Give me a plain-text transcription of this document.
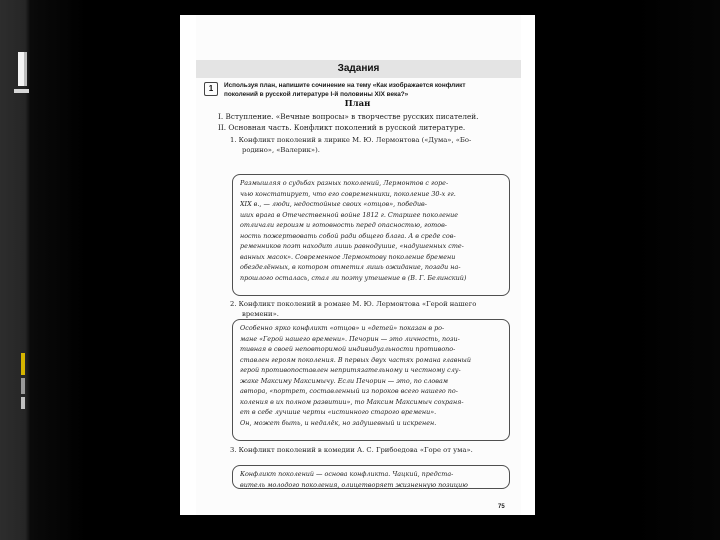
Задания
1	Используя план, напишите сочинение на тему «Как изображается конфликт
поколений в русской литературе I-й половины XIX века?»
План
I. Вступление. «Вечные вопросы» в творчестве русских писателей.
II. Основная часть. Конфликт поколений в русской литературе.
1. Конфликт поколений в лирике М. Ю. Лермонтова («Дума», «Бо-
родино», «Валерик»).
Размышляя о судьбах разных поколений, Лермонтов с горе-
чью констатирует, что его современники, поколение 30-х гг.
XIX в., — люди, недостойные своих «отцов», победив-
ших врага в Отечественной войне 1812 г. Старшее поколение
отличали героизм и готовность перед опасностью, готов-
ность пожертвовать собой ради общего блага. А в среде сов-
ременников поэт находит лишь равнодушие, «надушенных сте-
ванных масок». Современное Лермонтову поколение бремени
обезделённых, в котором отметил лишь ожидание, позади на-
прошлого осталась, стал ли поэту утешение в (В. Г. Белинский)
2. Конфликт поколений в романе М. Ю. Лермонтова «Герой нашего
времени».
Особенно ярко конфликт «отцов» и «детей» показан в ро-
мане «Герой нашего времени». Печорин — это личность, пози-
тивная в своей неповторимой индивидуальности противопо-
ставлен героям поколения. В первых двух частях романа главный
герой противопоставлен непритязательному и честному слу-
жаке Максиму Максимычу. Если Печорин — это, по словам
автора, «портрет, составленный из пороков всего нашего по-
коления в их полном развитии», то Максим Максимыч сохраня-
ет в себе лучшие черты «истинного старого времени».
Он, может быть, и недалёк, но задушевный и искренен.
3. Конфликт поколений в комедии А. С. Грибоедова «Горе от ума».
Конфликт поколений — основа конфликта. Чацкий, предста-
витель молодого поколения, олицетворяет жизненную позицию
75
